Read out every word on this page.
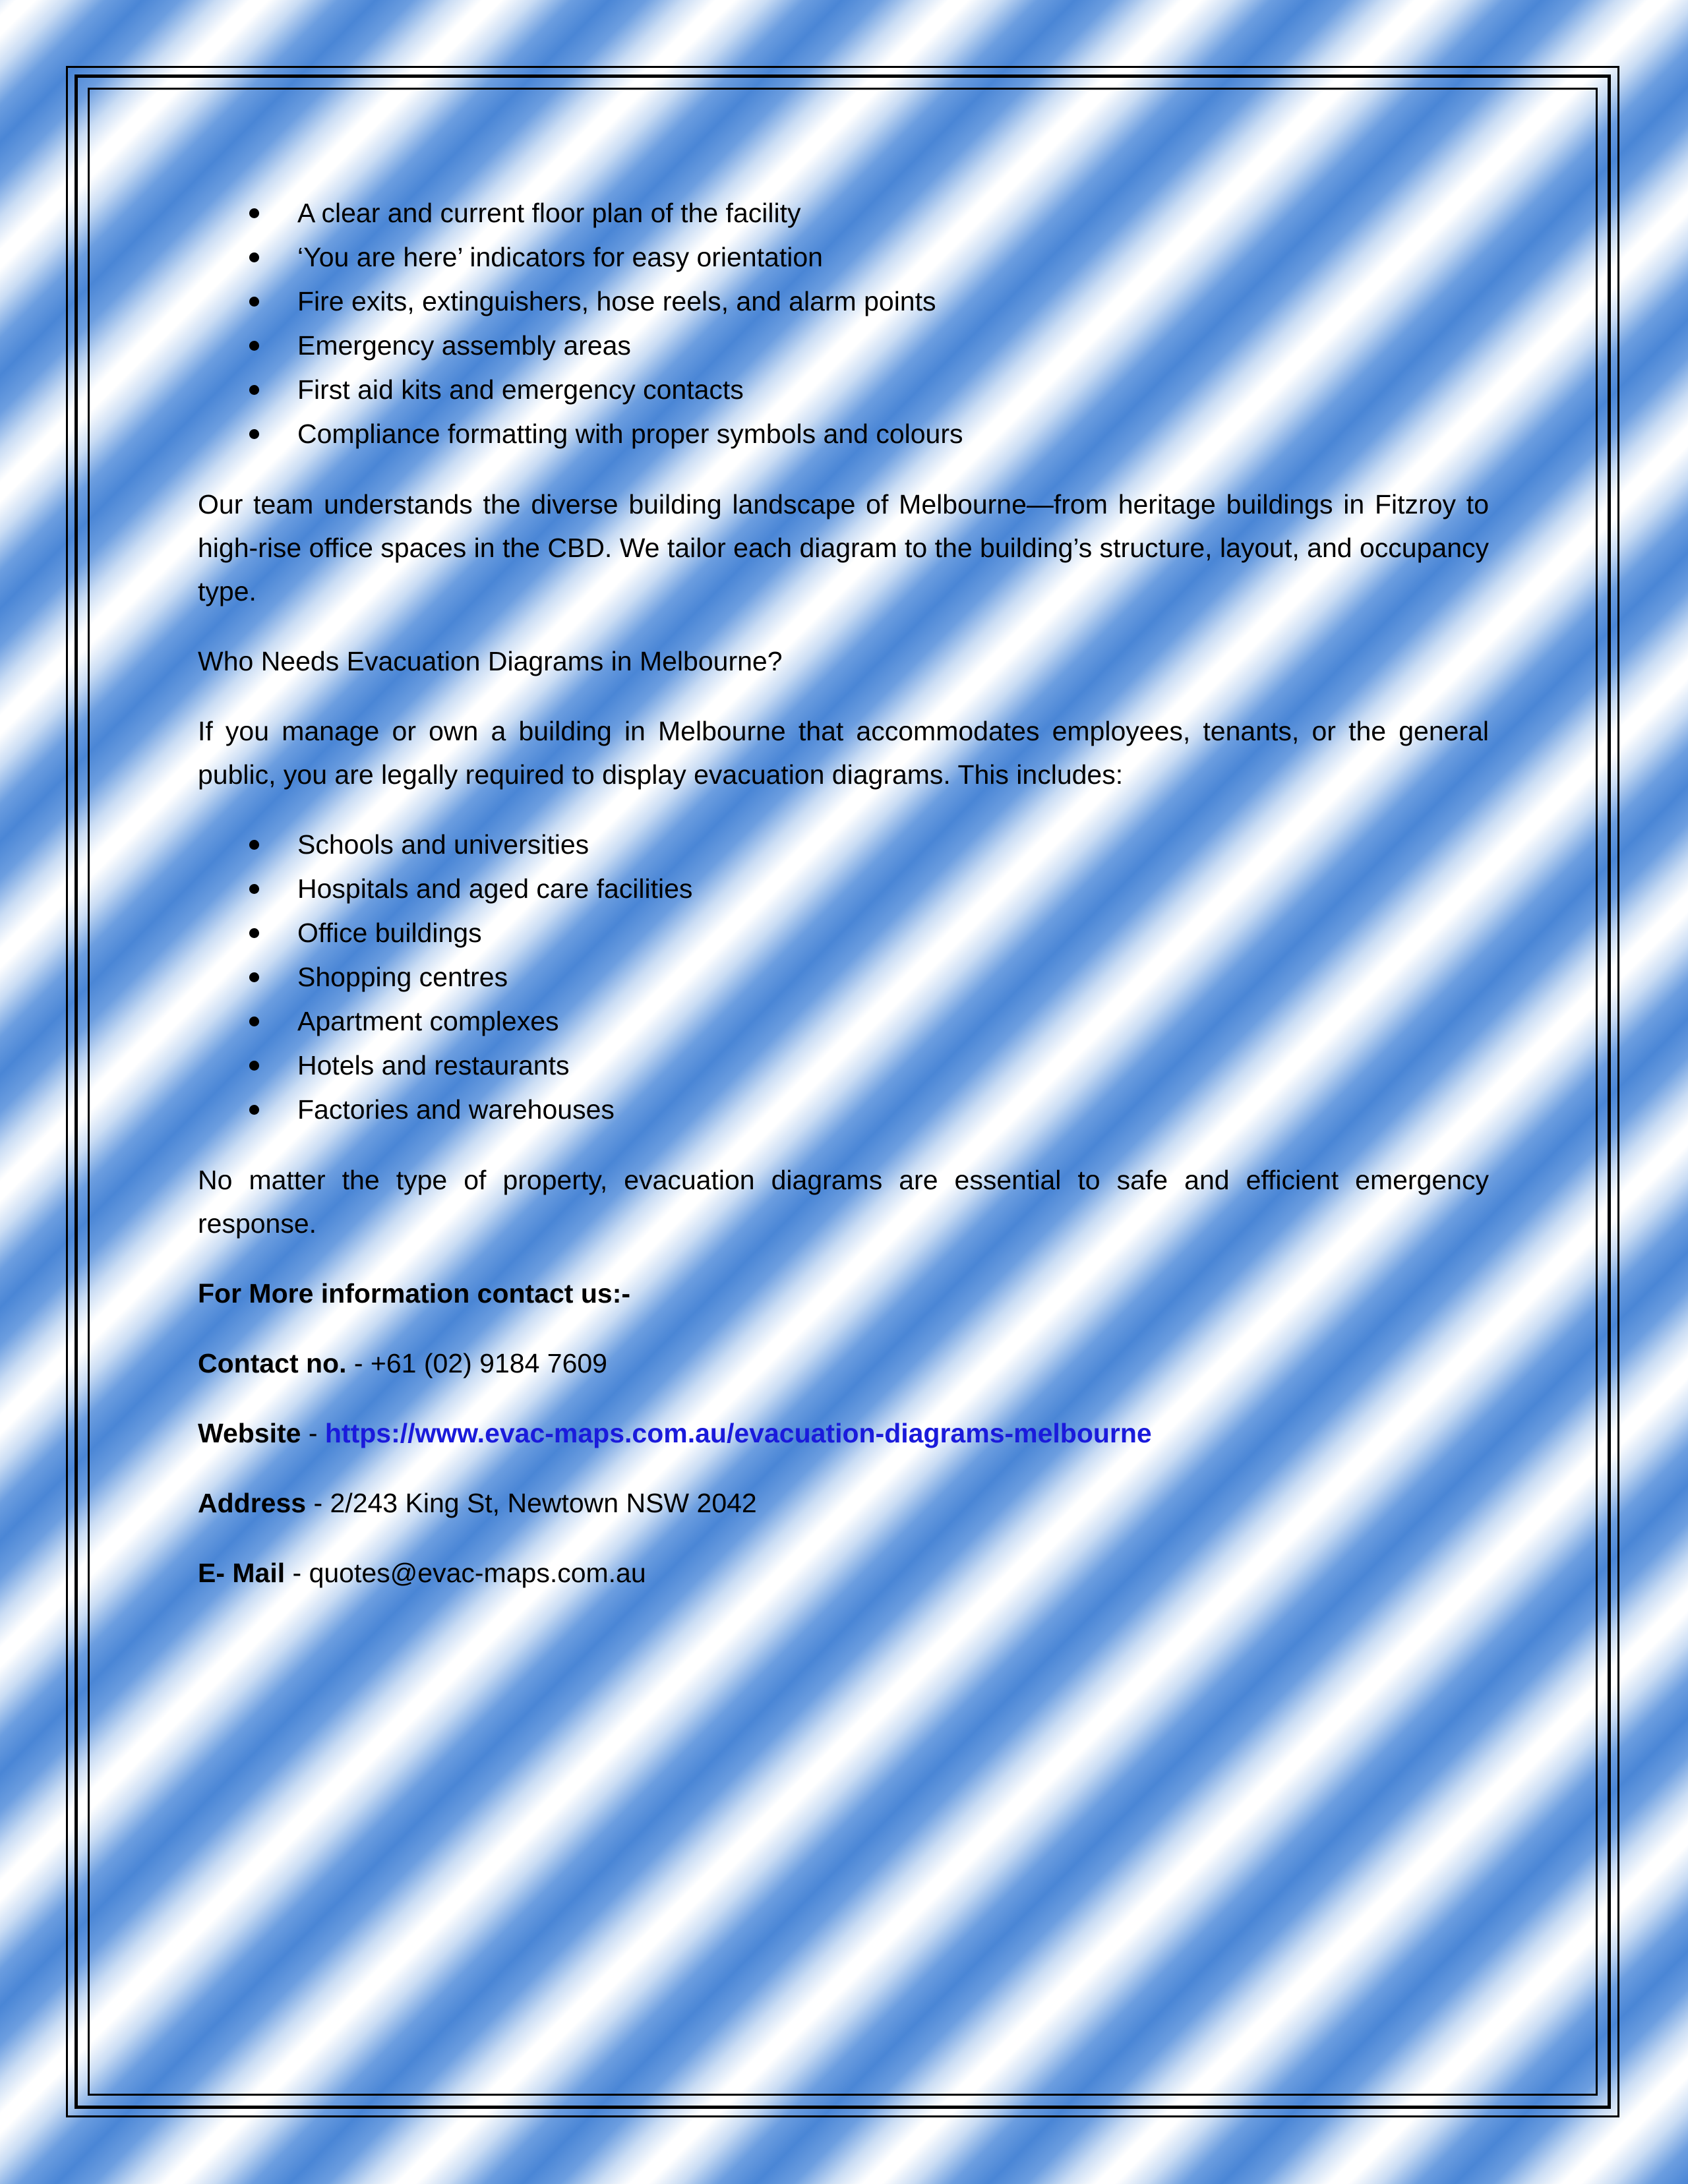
A clear and current floor plan of the facility
‘You are here’ indicators for easy orientation
Fire exits, extinguishers, hose reels, and alarm points
Emergency assembly areas
First aid kits and emergency contacts
Compliance formatting with proper symbols and colours

Our team understands the diverse building landscape of Melbourne—from heritage buildings in Fitzroy to high-rise office spaces in the CBD. We tailor each diagram to the building’s structure, layout, and occupancy type.

Who Needs Evacuation Diagrams in Melbourne?

If you manage or own a building in Melbourne that accommodates employees, tenants, or the general public, you are legally required to display evacuation diagrams. This includes:

Schools and universities
Hospitals and aged care facilities
Office buildings
Shopping centres
Apartment complexes
Hotels and restaurants
Factories and warehouses

No matter the type of property, evacuation diagrams are essential to safe and efficient emergency response.

For More information contact us:-

Contact no. - +61 (02) 9184 7609

Website - https://www.evac-maps.com.au/evacuation-diagrams-melbourne

Address - 2/243 King St, Newtown NSW 2042

E- Mail - quotes@evac-maps.com.au
